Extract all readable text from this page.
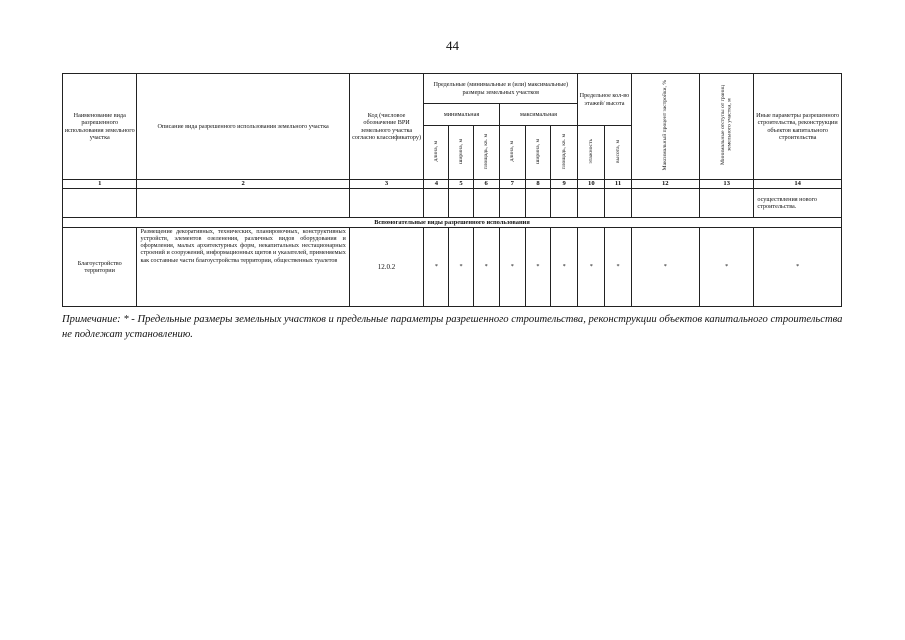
44
Наименование вида разрешенного использования земельного участка	Описание вида разрешенного использования земельного участка	Код (числовое обозначение ВРИ земельного участка согласно классификатору)	Предельные (минимальные и (или) максимальные) размеры земельных участков						Предельное кол-во этажей/ высота		Максимальный процент застройки, %	Минимальные отступы от границ земельного участка, м	Иные параметры разрешенного строительства, реконструкции объектов капитального строительства
			минимальная			максимальная							
			длина, м	ширина, м	площадь, кв. м	длина, м	ширина, м	площадь, кв. м	этажность	высота, м			
1	2	3	4	5	6	7	8	9	10	11	12	13	14
													осуществления нового строительства.
Вспомогательные виды разрешенного использования													
Благоустройство территории	Размещение декоративных, технических, планировочных, конструктивных устройств, элементов озеленения, различных видов оборудования и оформления, малых архитектурных форм, некапитальных нестационарных строений и сооружений, информационных щитов и указателей, применяемых как составные части благоустройства территории, общественных туалетов	12.0.2	*	*	*	*	*	*	*	*	*	*	*
Примечание: * - Предельные размеры земельных участков и предельные параметры разрешенного строительства, реконструкции объектов капитального строительства не подлежат установлению.
